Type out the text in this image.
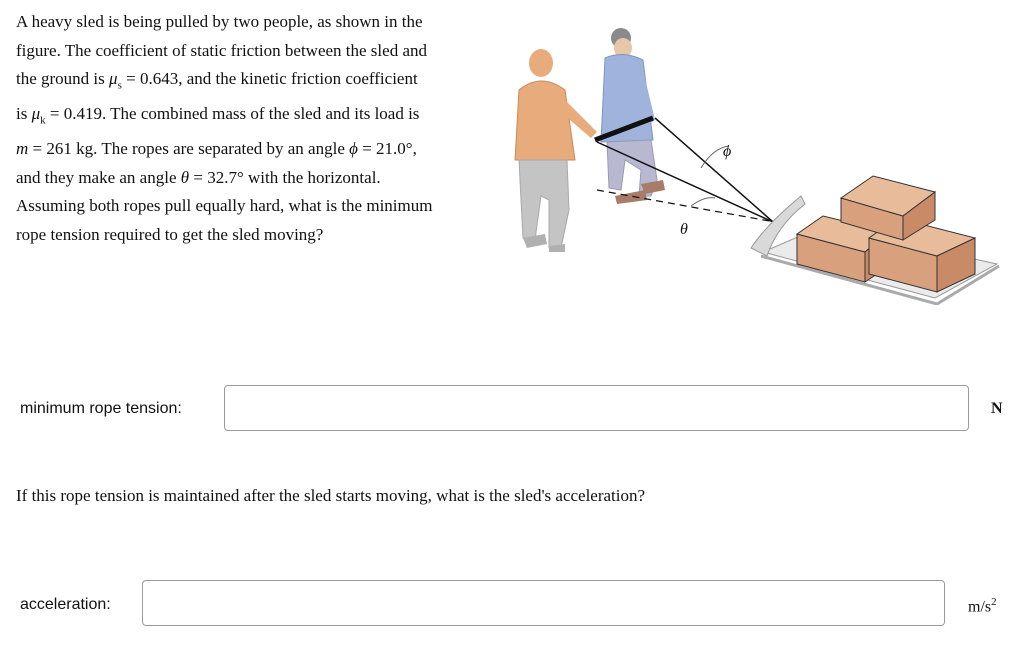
A heavy sled is being pulled by two people, as shown in the
figure. The coefficient of static friction between the sled and
the ground is $\mu_s = 0.643$, and the kinetic friction coefficient
is $\mu_k = 0.419$. The combined mass of the sled and its load is
m = 261 kg. The ropes are separated by an angle ϕ = 21.0°,
and they make an angle θ = 32.7° with the horizontal.
Assuming both ropes pull equally hard, what is the minimum
rope tension required to get the sled moving?
ϕ
θ
minimum rope tension:	N
If this rope tension is maintained after the sled starts moving, what is the sled's acceleration?
acceleration:	$m/s^2$
